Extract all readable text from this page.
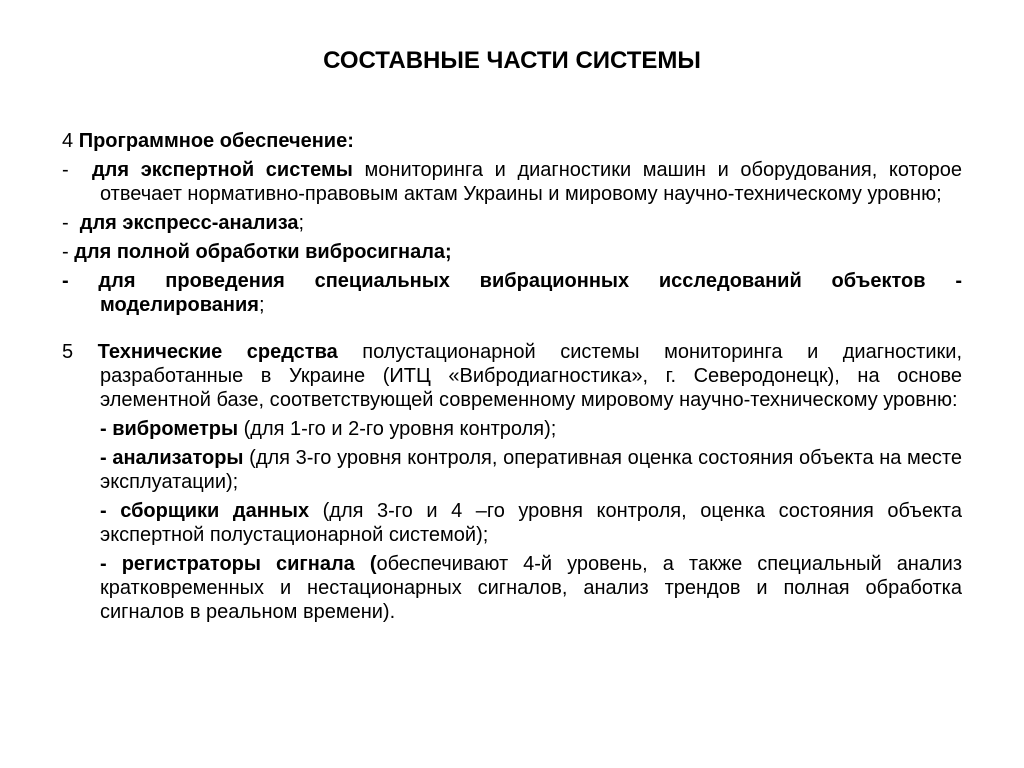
СОСТАВНЫЕ ЧАСТИ СИСТЕМЫ

4 Программное обеспечение:

-  для экспертной системы мониторинга и диагностики машин и оборудования, которое отвечает нормативно-правовым актам Украины и мировому научно-техническому уровню;

-  для экспресс-анализа;

- для полной обработки вибросигнала;

- для проведения специальных вибрационных исследований объектов - моделирования;

5 Технические средства полустационарной системы мониторинга и диагностики, разработанные в Украине (ИТЦ «Вибродиагностика», г. Северодонецк), на основе элементной базе, соответствующей современному мировому научно-техническому уровню:

- виброметры (для 1-го и 2-го уровня контроля);

- анализаторы (для 3-го уровня контроля, оперативная оценка состояния объекта на месте эксплуатации);

- сборщики данных (для 3-го и 4 –го уровня контроля, оценка состояния объекта экспертной полустационарной системой);

- регистраторы сигнала (обеспечивают 4-й уровень, а также специальный анализ кратковременных и нестационарных сигналов, анализ трендов и полная обработка сигналов в реальном времени).
